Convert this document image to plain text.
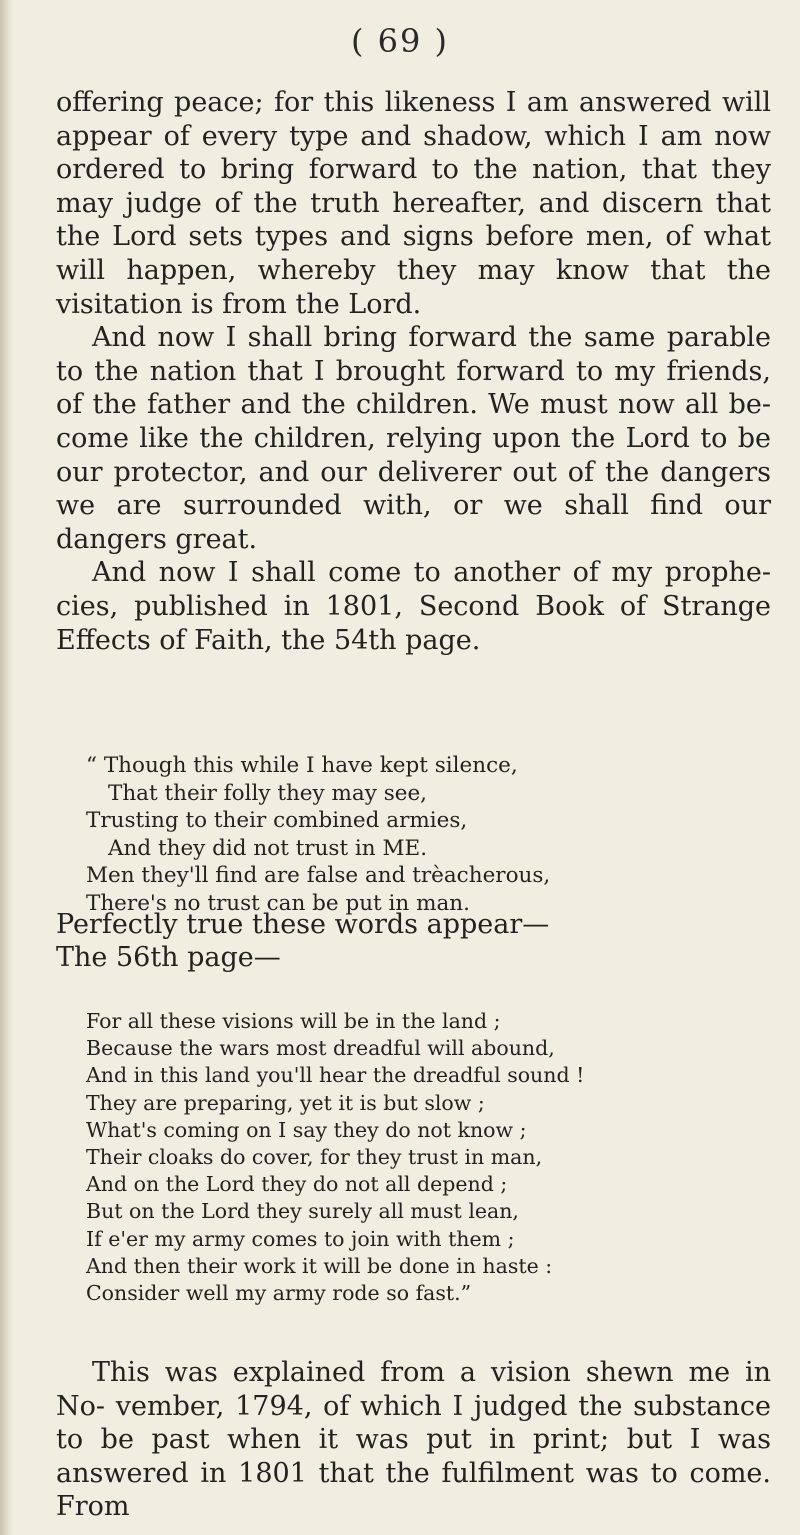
( 69 )

offering peace; for this likeness I am answered will appear of every type and shadow, which I am now ordered to bring forward to the nation, that they may judge of the truth hereafter, and discern that the Lord sets types and signs before men, of what will happen, whereby they may know that the visitation is from the Lord.

And now I shall bring forward the same parable to the nation that I brought forward to my friends, of the father and the children. We must now all be- come like the children, relying upon the Lord to be our protector, and our deliverer out of the dangers we are surrounded with, or we shall find our dangers great.

And now I shall come to another of my prophe- cies, published in 1801, Second Book of Strange Effects of Faith, the 54th page.

“ Though this while I have kept silence,
That their folly they may see,
Trusting to their combined armies,
And they did not trust in ME.
Men they'll find are false and trèacherous,
There's no trust can be put in man.
Perfectly true these words appear—
The 56th page—
For all these visions will be in the land ;
Because the wars most dreadful will abound,
And in this land you'll hear the dreadful sound !
They are preparing, yet it is but slow ;
What's coming on I say they do not know ;
Their cloaks do cover, for they trust in man,
And on the Lord they do not all depend ;
But on the Lord they surely all must lean,
If e'er my army comes to join with them ;
And then their work it will be done in haste :
Consider well my army rode so fast.”

This was explained from a vision shewn me in No- vember, 1794, of which I judged the substance to be past when it was put in print; but I was answered in 1801 that the fulfilment was to come. From
